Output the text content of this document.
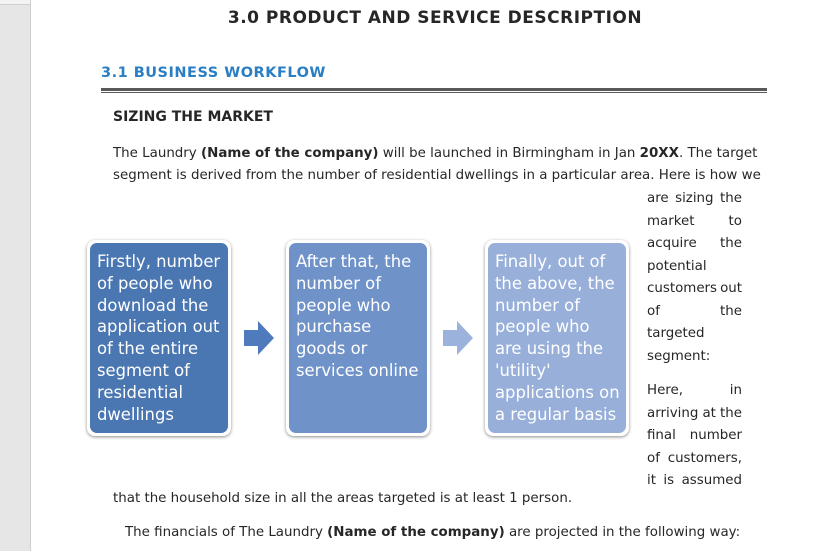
3.0 PRODUCT AND SERVICE DESCRIPTION
3.1 BUSINESS WORKFLOW
SIZING THE MARKET
The Laundry (Name of the company) will be launched in Birmingham in Jan 20XX. The target
segment is derived from the number of residential dwellings in a particular area. Here is how we
are sizing the
market	to
acquire the
potential
customers out
of	the
targeted
segment:
Here,	in
arriving at the
final number
of customers,
it is assumed
Firstly, number of people who download the application out of the entire segment of residential dwellings
After that, the number of people who purchase goods or services online
Finally, out of the above, the number of people who are using the 'utility' applications on a regular basis
that the household size in all the areas targeted is at least 1 person.
The financials of The Laundry (Name of the company) are projected in the following way:
